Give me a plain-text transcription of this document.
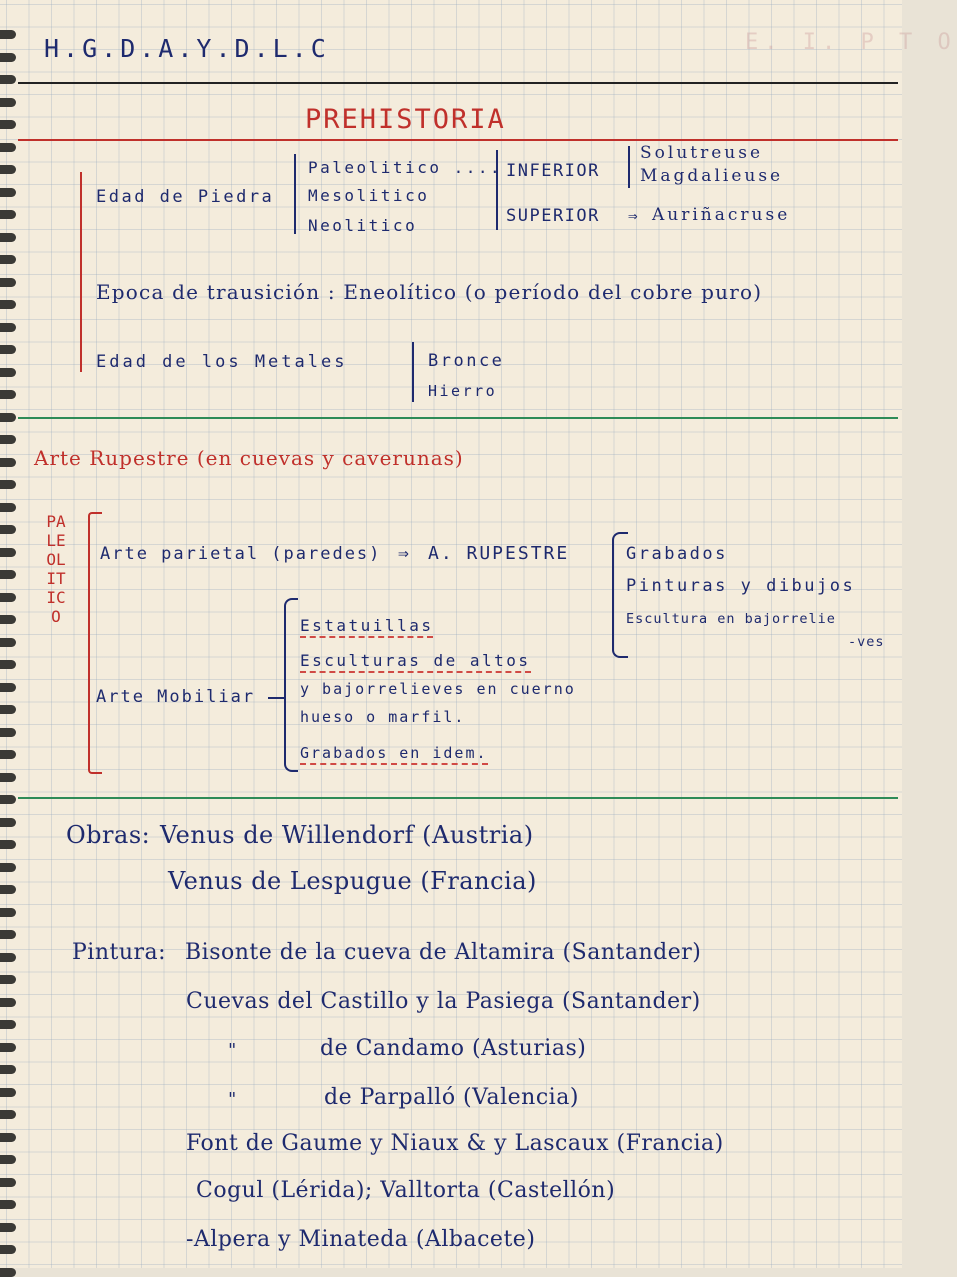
H.G.D.A.Y.D.L.C	E. I. P T O
PREHISTORIA
Edad de Piedra
Paleolitico ....
Mesolitico
Neolitico
INFERIOR
Solutreuse
Magdalieuse
SUPERIOR ⇒ Auriñacruse
Epoca de trausición : Eneolítico (o período del cobre puro)
Edad de los Metales	Bronce
Hierro
Arte Rupestre (en cuevas y caverunas)
PALEOLITICO
Arte parietal (paredes) ⇒ A. RUPESTRE	Grabados
Pinturas y dibujos
Escultura en bajorrelie
-ves
Arte Mobiliar
Estatuillas
Esculturas de altos
y bajorrelieves en cuerno
hueso o marfil.
Grabados en idem.
Obras: Venus de Willendorf (Austria)
Venus de Lespugue (Francia)
Pintura: Bisonte de la cueva de Altamira (Santander)
Cuevas del Castillo y la Pasiega (Santander)
"	de Candamo (Asturias)
"	de Parpalló (Valencia)
Font de Gaume y Niaux & y Lascaux (Francia)
Cogul (Lérida); Valltorta (Castellón)
-Alpera y Minateda (Albacete)
